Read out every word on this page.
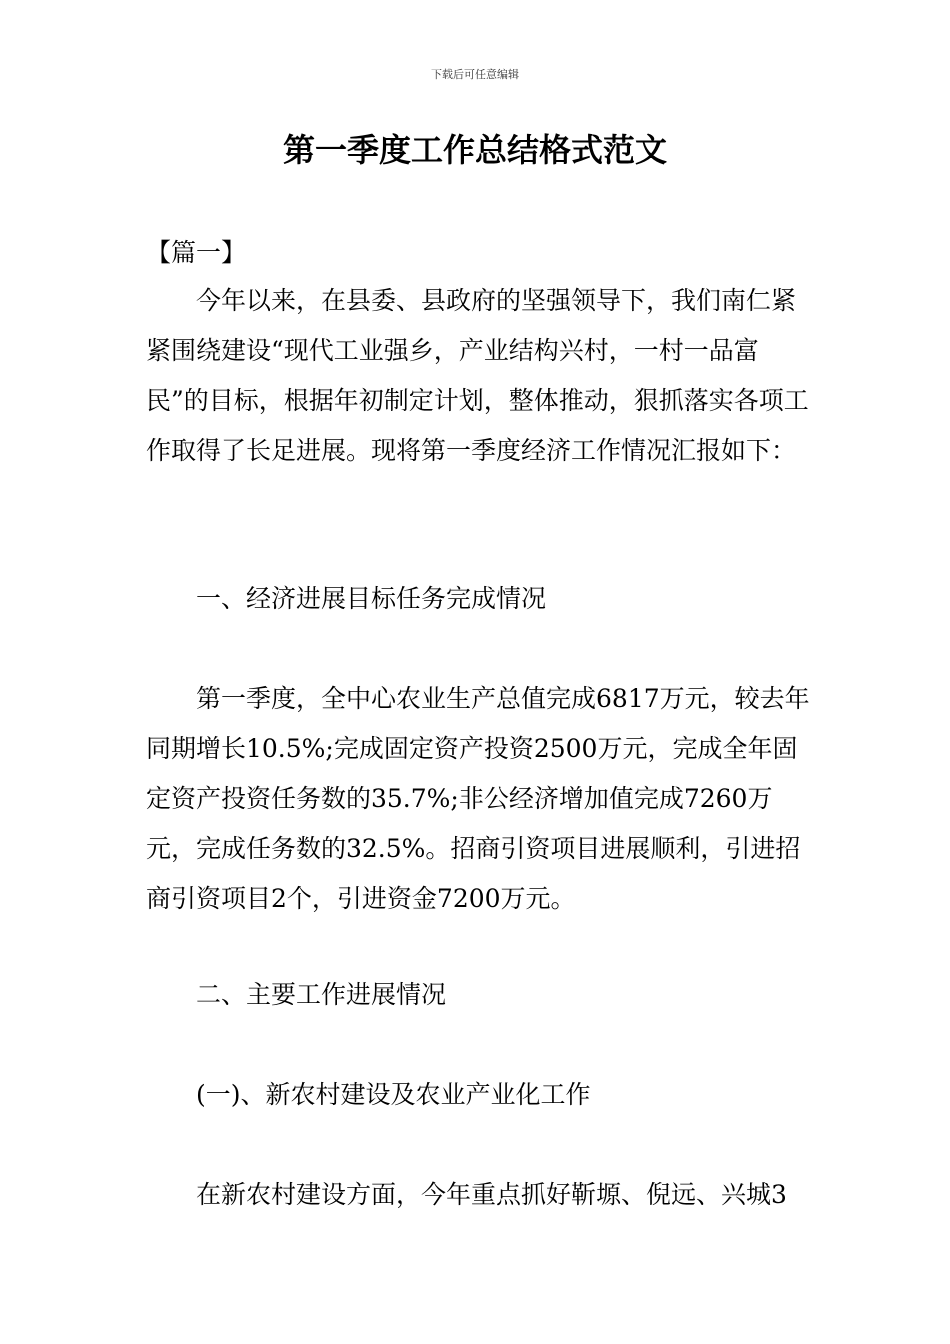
下载后可任意编辑
第一季度工作总结格式范文
【篇一】

今年以来，在县委、县政府的坚强领导下，我们南仁紧紧围绕建设“现代工业强乡，产业结构兴村，一村一品富民”的目标，根据年初制定计划，整体推动，狠抓落实各项工作取得了长足进展。现将第一季度经济工作情况汇报如下：

一、经济进展目标任务完成情况

第一季度，全中心农业生产总值完成6817万元，较去年同期增长10.5%;完成固定资产投资2500万元，完成全年固定资产投资任务数的35.7%;非公经济增加值完成7260万元，完成任务数的32.5%。招商引资项目进展顺利，引进招商引资项目2个，引进资金7200万元。

二、主要工作进展情况
(一)、新农村建设及农业产业化工作

在新农村建设方面，今年重点抓好靳塬、倪远、兴城3
